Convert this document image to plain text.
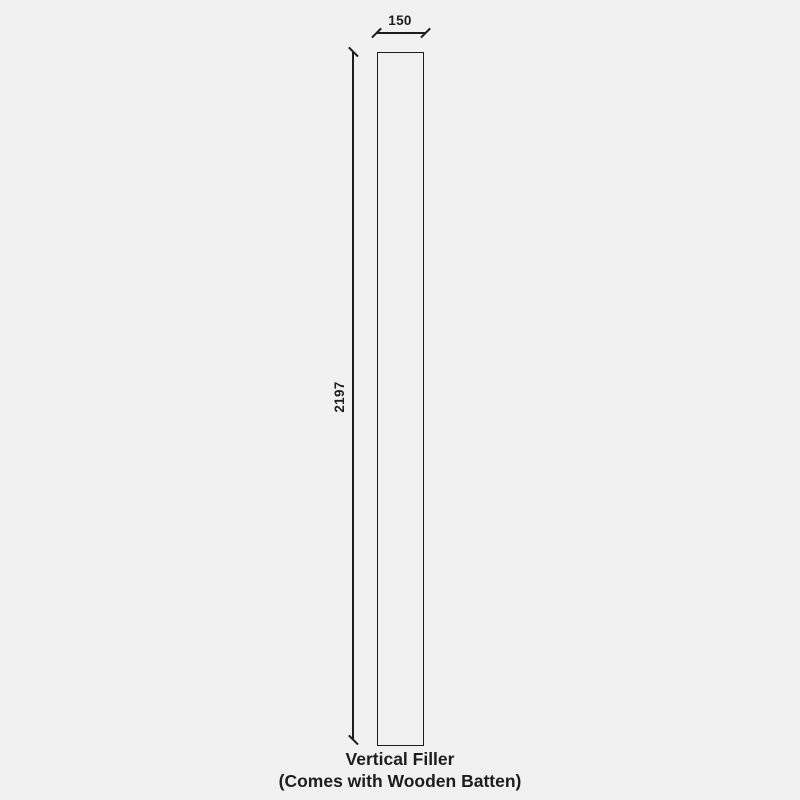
150
2197
Vertical Filler
(Comes with Wooden Batten)
